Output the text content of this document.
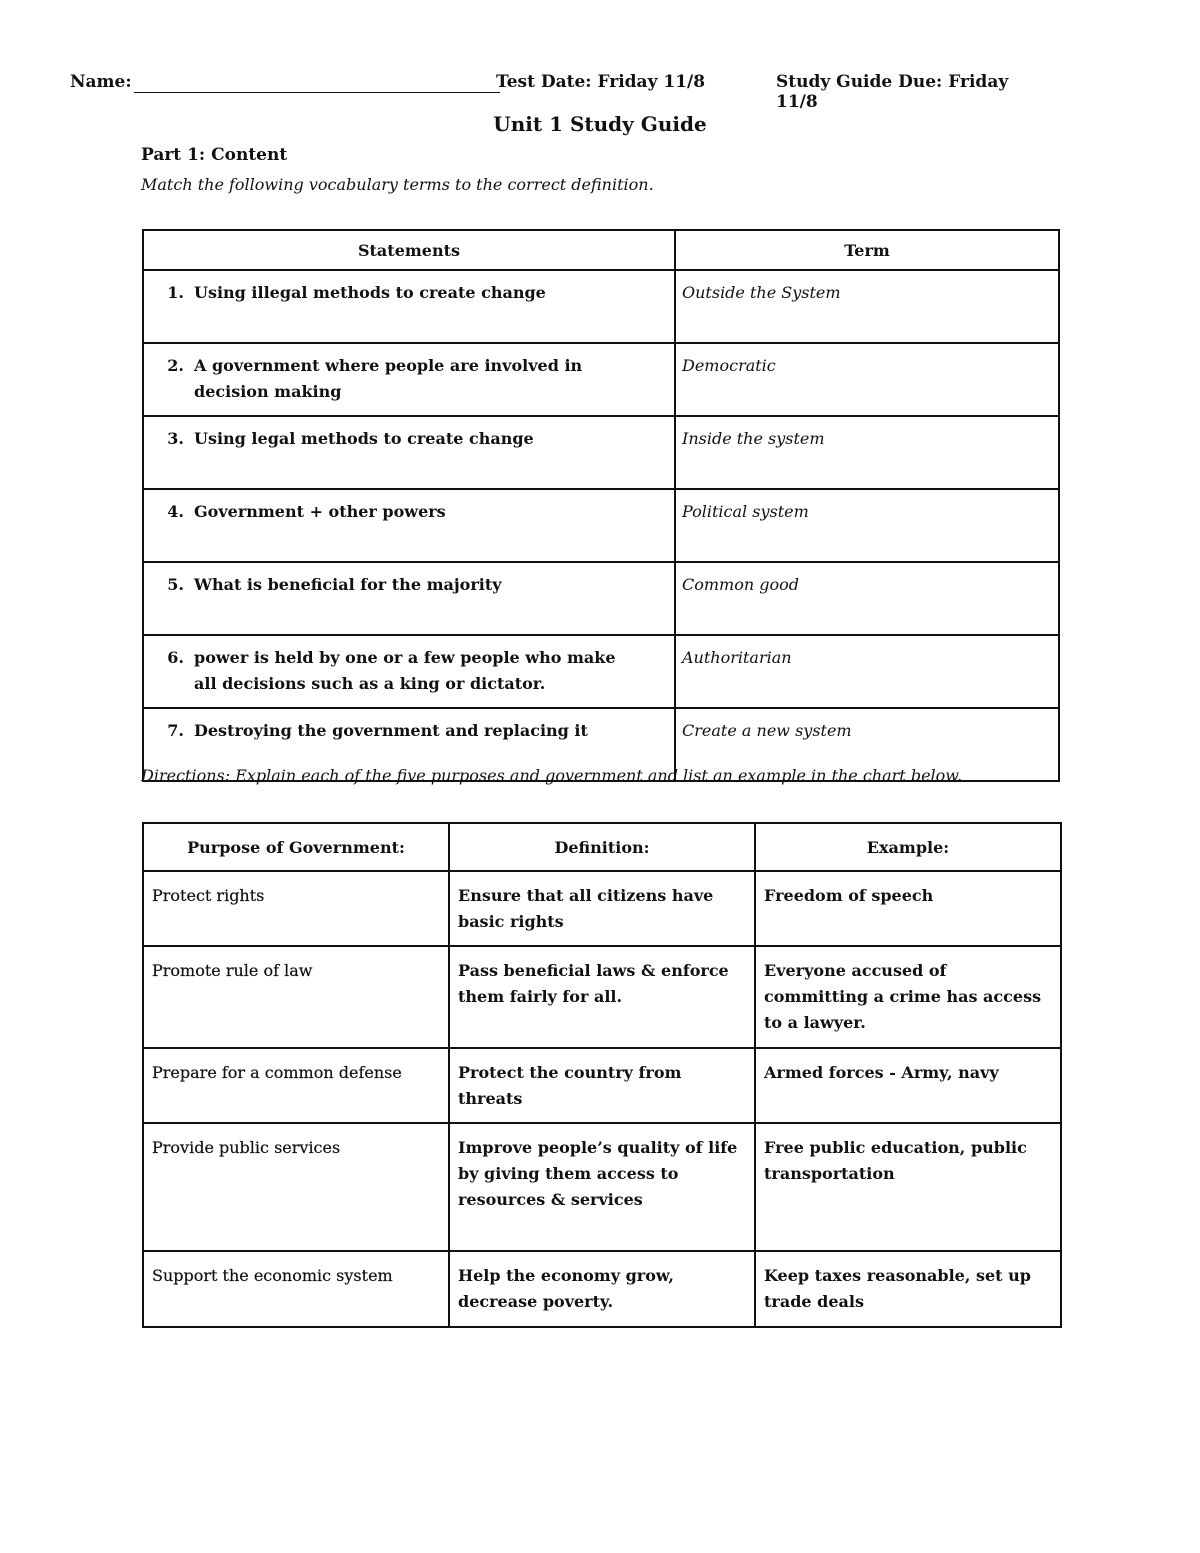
Name:	Test Date: Friday 11/8	Study Guide Due: Friday 11/8
Unit 1 Study Guide
Part 1: Content
Match the following vocabulary terms to the correct definition.
Statements	Term
1. Using illegal methods to create change	Outside the System
2. A government where people are involved in decision making	Democratic
3. Using legal methods to create change	Inside the system
4. Government + other powers	Political system
5. What is beneficial for the majority	Common good
6. power is held by one or a few people who make all decisions such as a king or dictator.	Authoritarian
7. Destroying the government and replacing it	Create a new system
Directions: Explain each of the five purposes and government and list an example in the chart below.
Purpose of Government:	Definition:	Example:
Protect rights	Ensure that all citizens have basic rights	Freedom of speech
Promote rule of law	Pass beneficial laws & enforce them fairly for all.	Everyone accused of committing a crime has access to a lawyer.
Prepare for a common defense	Protect the country from threats	Armed forces - Army, navy
Provide public services	Improve people’s quality of life by giving them access to resources & services	Free public education, public transportation
Support the economic system	Help the economy grow, decrease poverty.	Keep taxes reasonable, set up trade deals
